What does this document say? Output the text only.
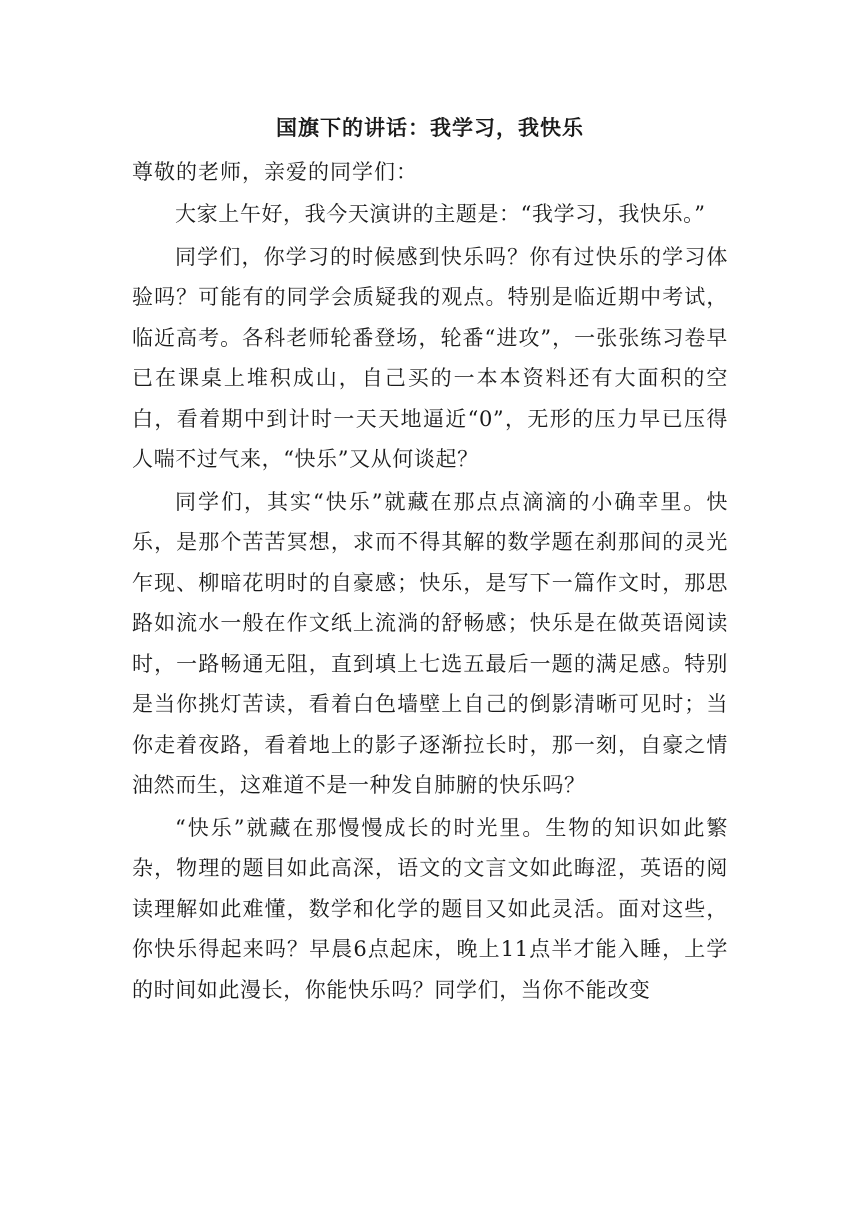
国旗下的讲话：我学习，我快乐

尊敬的老师，亲爱的同学们：

大家上午好，我今天演讲的主题是：“我学习，我快乐。”

同学们，你学习的时候感到快乐吗？你有过快乐的学习体验吗？可能有的同学会质疑我的观点。特别是临近期中考试，临近高考。各科老师轮番登场，轮番“进攻”，一张张练习卷早已在课桌上堆积成山，自己买的一本本资料还有大面积的空白，看着期中到计时一天天地逼近“0”，无形的压力早已压得人喘不过气来，“快乐”又从何谈起？

同学们，其实“快乐”就藏在那点点滴滴的小确幸里。快乐，是那个苦苦冥想，求而不得其解的数学题在刹那间的灵光乍现、柳暗花明时的自豪感；快乐，是写下一篇作文时，那思路如流水一般在作文纸上流淌的舒畅感；快乐是在做英语阅读时，一路畅通无阻，直到填上七选五最后一题的满足感。特别是当你挑灯苦读，看着白色墙壁上自己的倒影清晰可见时；当你走着夜路，看着地上的影子逐渐拉长时，那一刻，自豪之情油然而生，这难道不是一种发自肺腑的快乐吗？

“快乐”就藏在那慢慢成长的时光里。生物的知识如此繁杂，物理的题目如此高深，语文的文言文如此晦涩，英语的阅读理解如此难懂，数学和化学的题目又如此灵活。面对这些，你快乐得起来吗？早晨6点起床，晚上11点半才能入睡，上学的时间如此漫长，你能快乐吗？同学们，当你不能改变
